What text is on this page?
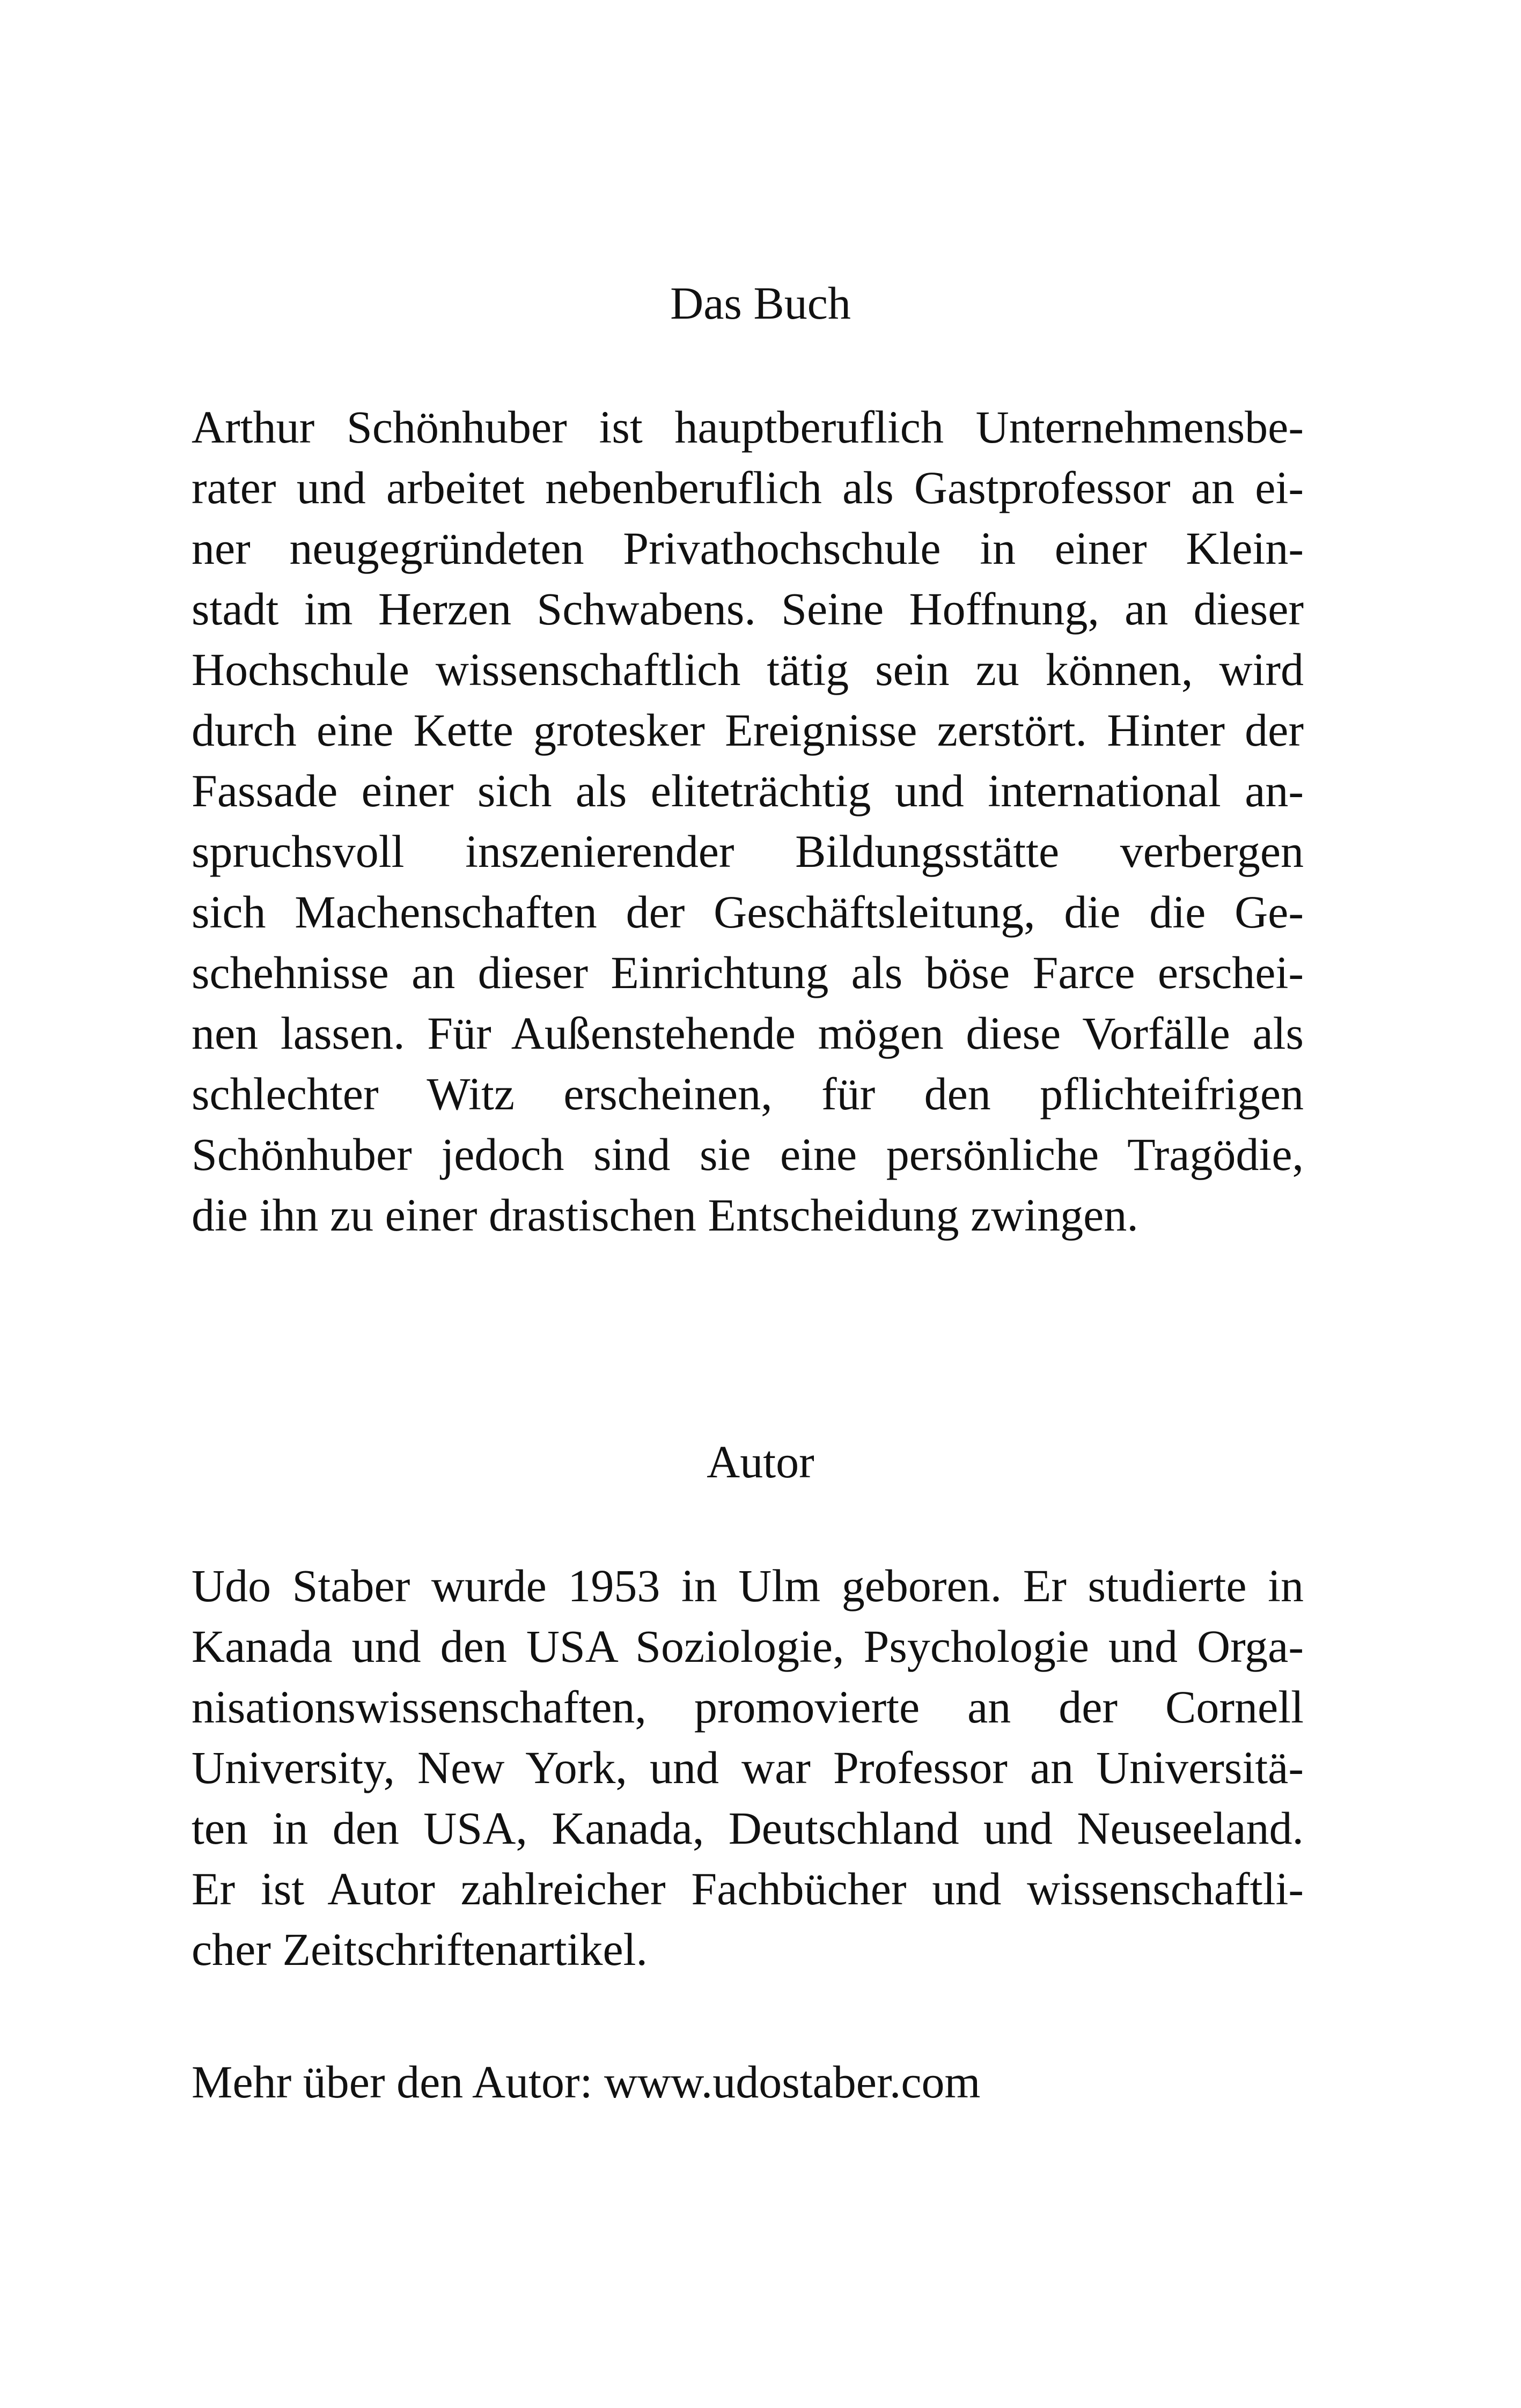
Das Buch
Arthur Schönhuber ist hauptberuflich Unternehmensbe-
rater und arbeitet nebenberuflich als Gastprofessor an ei-
ner neugegründeten Privathochschule in einer Klein-
stadt im Herzen Schwabens. Seine Hoffnung, an dieser
Hochschule wissenschaftlich tätig sein zu können, wird
durch eine Kette grotesker Ereignisse zerstört. Hinter der
Fassade einer sich als eliteträchtig und international an-
spruchsvoll inszenierender Bildungsstätte verbergen
sich Machenschaften der Geschäftsleitung, die die Ge-
schehnisse an dieser Einrichtung als böse Farce erschei-
nen lassen. Für Außenstehende mögen diese Vorfälle als
schlechter Witz erscheinen, für den pflichteifrigen
Schönhuber jedoch sind sie eine persönliche Tragödie,
die ihn zu einer drastischen Entscheidung zwingen.
Autor
Udo Staber wurde 1953 in Ulm geboren. Er studierte in
Kanada und den USA Soziologie, Psychologie und Orga-
nisationswissenschaften, promovierte an der Cornell
University, New York, und war Professor an Universitä-
ten in den USA, Kanada, Deutschland und Neuseeland.
Er ist Autor zahlreicher Fachbücher und wissenschaftli-
cher Zeitschriftenartikel.
Mehr über den Autor: www.udostaber.com
